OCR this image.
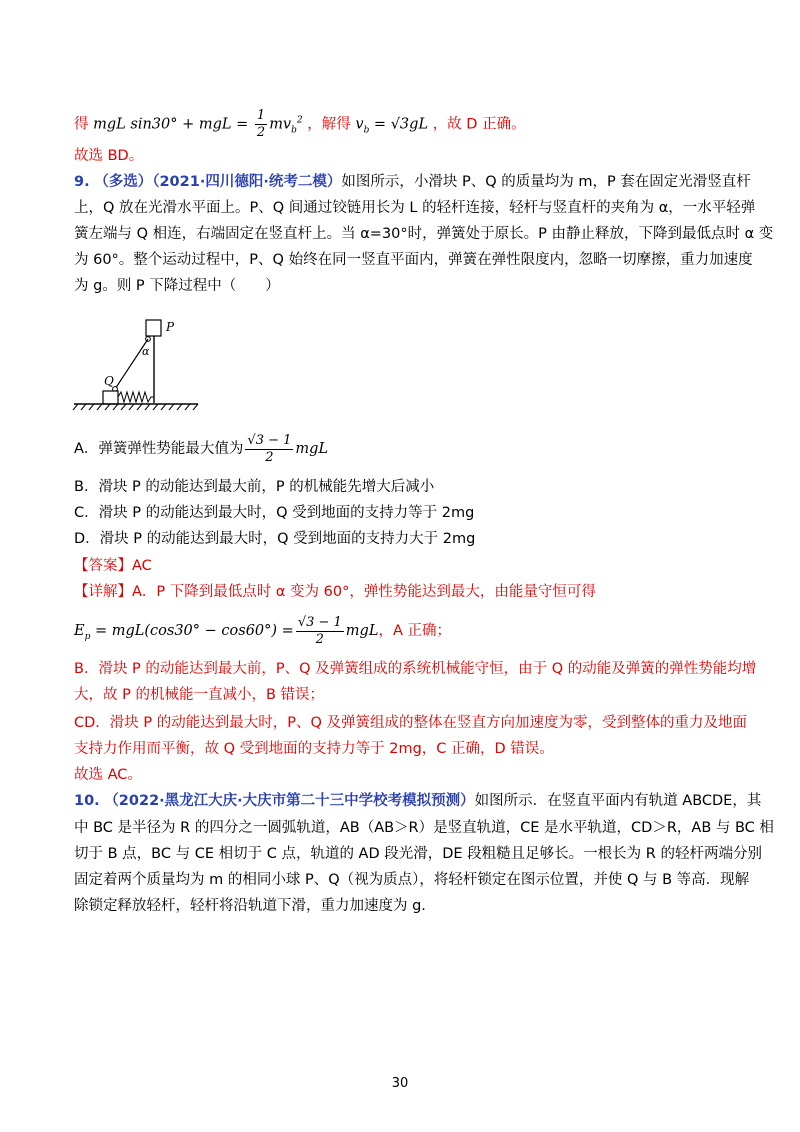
得 mgL sin30° + mgL = $\frac{1}{2} mv_b^2$ ，解得 $v_b = √3gL$ ，故 D 正确。
故选 BD。
9. （多选）（2021·四川德阳·统考二模）如图所示，小滑块 P、Q 的质量均为 m，P 套在固定光滑竖直杆
上，Q 放在光滑水平面上。P、Q 间通过铰链用长为 L 的轻杆连接，轻杆与竖直杆的夹角为 α，一水平轻弹
簧左端与 Q 相连，右端固定在竖直杆上。当 α=30°时，弹簧处于原长。P 由静止释放，下降到最低点时 α 变
为 60°。整个运动过程中，P、Q 始终在同一竖直平面内，弹簧在弹性限度内，忽略一切摩擦，重力加速度
为 g。则 P 下降过程中（　　）
P
α
Q
A．弹簧弹性势能最大值为 $\frac{√3 - 1}{2}$ mgL
B．滑块 P 的动能达到最大前，P 的机械能先增大后减小
C．滑块 P 的动能达到最大时，Q 受到地面的支持力等于 2mg
D．滑块 P 的动能达到最大时，Q 受到地面的支持力大于 2mg
【答案】AC
【详解】A．P 下降到最低点时 α 变为 60°，弹性势能达到最大，由能量守恒可得
$E_p = mgL(\cos 30^\circ - \cos 60^\circ) = \frac{√3 - 1}{2}$ mgL，A 正确；
B．滑块 P 的动能达到最大前，P、Q 及弹簧组成的系统机械能守恒，由于 Q 的动能及弹簧的弹性势能均增
大，故 P 的机械能一直减小，B 错误；
CD．滑块 P 的动能达到最大时，P、Q 及弹簧组成的整体在竖直方向加速度为零，受到整体的重力及地面
支持力作用而平衡，故 Q 受到地面的支持力等于 2mg，C 正确，D 错误。
故选 AC。
10. （2022·黑龙江大庆·大庆市第二十三中学校考模拟预测）如图所示．在竖直平面内有轨道 ABCDE，其
中 BC 是半径为 R 的四分之一圆弧轨道，AB（AB＞R）是竖直轨道，CE 是水平轨道，CD＞R，AB 与 BC 相
切于 B 点，BC 与 CE 相切于 C 点，轨道的 AD 段光滑，DE 段粗糙且足够长。一根长为 R 的轻杆两端分别
固定着两个质量均为 m 的相同小球 P、Q（视为质点），将轻杆锁定在图示位置，并使 Q 与 B 等高．现解
除锁定释放轻杆，轻杆将沿轨道下滑，重力加速度为 g.
30
